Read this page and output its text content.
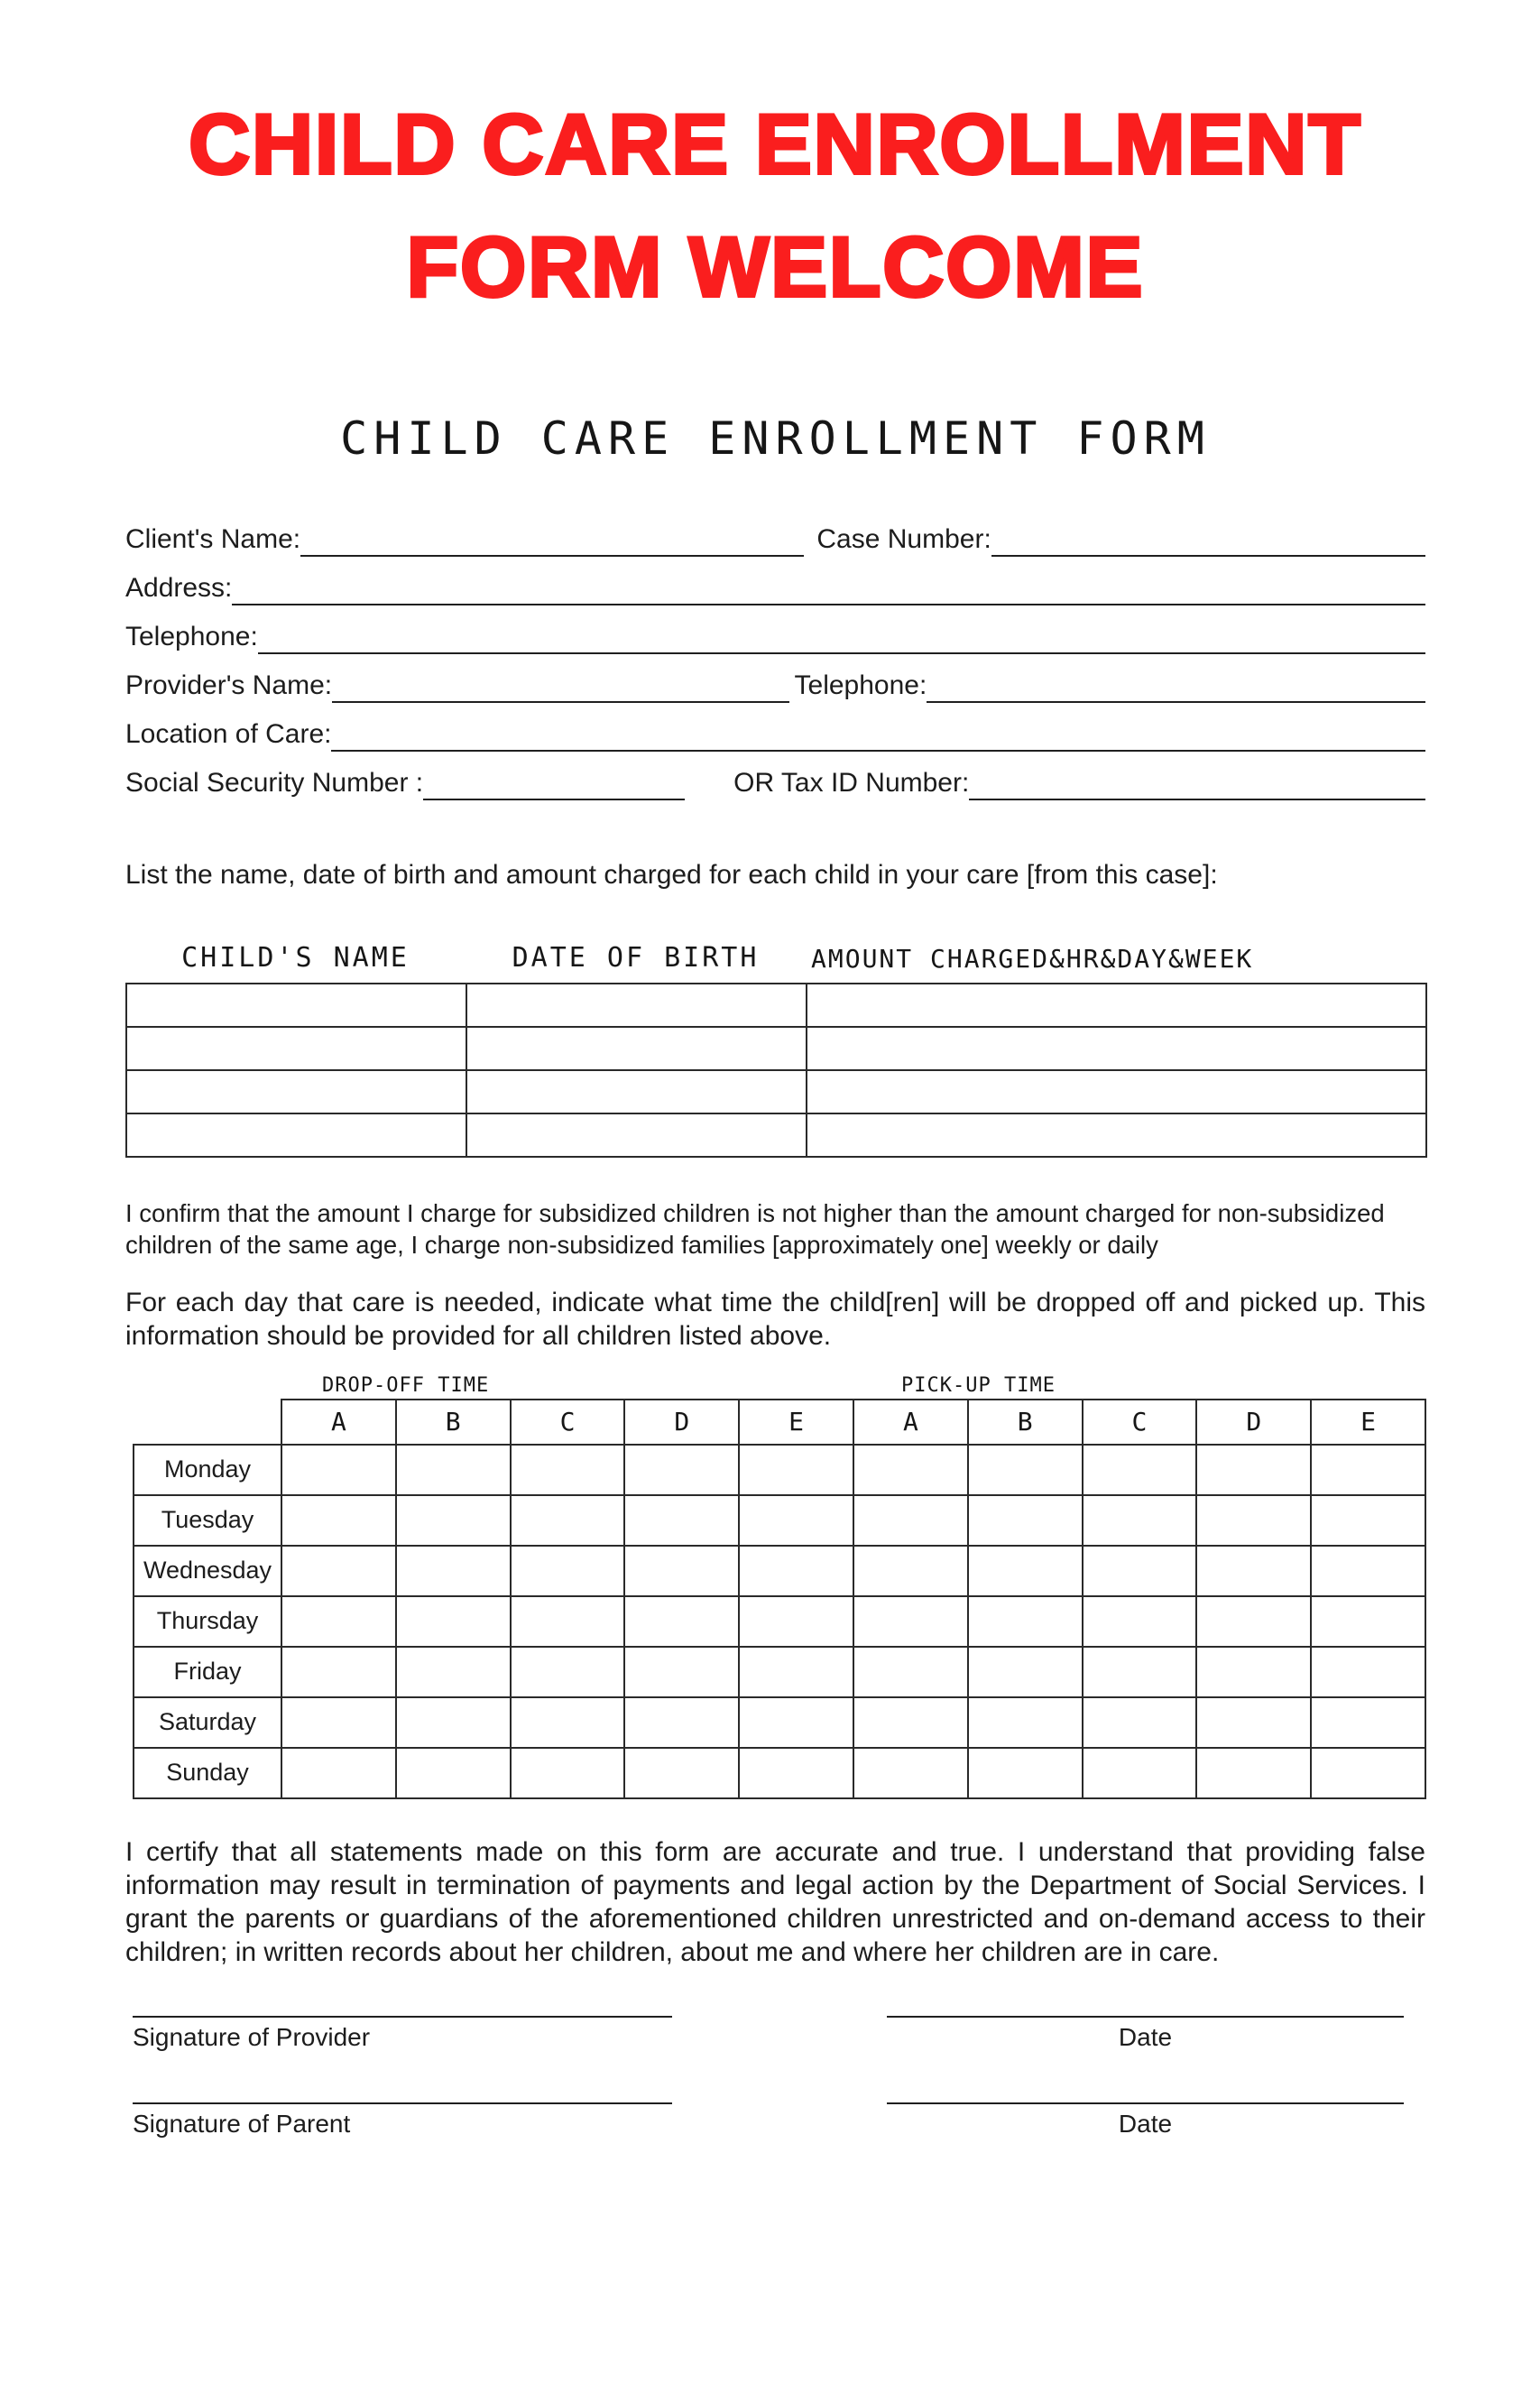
CHILD CARE ENROLLMENT
FORM WELCOME
CHILD CARE ENROLLMENT FORM
Client's Name:	Case Number:
Address:
Telephone:
Provider's Name:	Telephone:
Location of Care:
Social Security Number :	OR Tax ID Number:

List the name, date of birth and amount charged for each child in your care [from this case]:

CHILD'S NAME	DATE OF BIRTH	AMOUNT CHARGED&HR&DAY&WEEK

I confirm that the amount I charge for subsidized children is not higher than the amount charged for non-subsidized children of the same age, I charge non-subsidized families [approximately one] weekly or daily

For each day that care is needed, indicate what time the child[ren] will be dropped off and picked up. This information should be provided for all children listed above.

DROP-OFF TIME	PICK-UP TIME
	A	B	C	D	E	A	B	C	D	E
Monday										
Tuesday										
Wednesday										
Thursday										
Friday										
Saturday										
Sunday										

I certify that all statements made on this form are accurate and true. I understand that providing false information may result in termination of payments and legal action by the Department of Social Services. I grant the parents or guardians of the aforementioned children unrestricted and on-demand access to their children; in written records about her children, about me and where her children are in care.

Signature of Provider	Date
Signature of Parent	Date
